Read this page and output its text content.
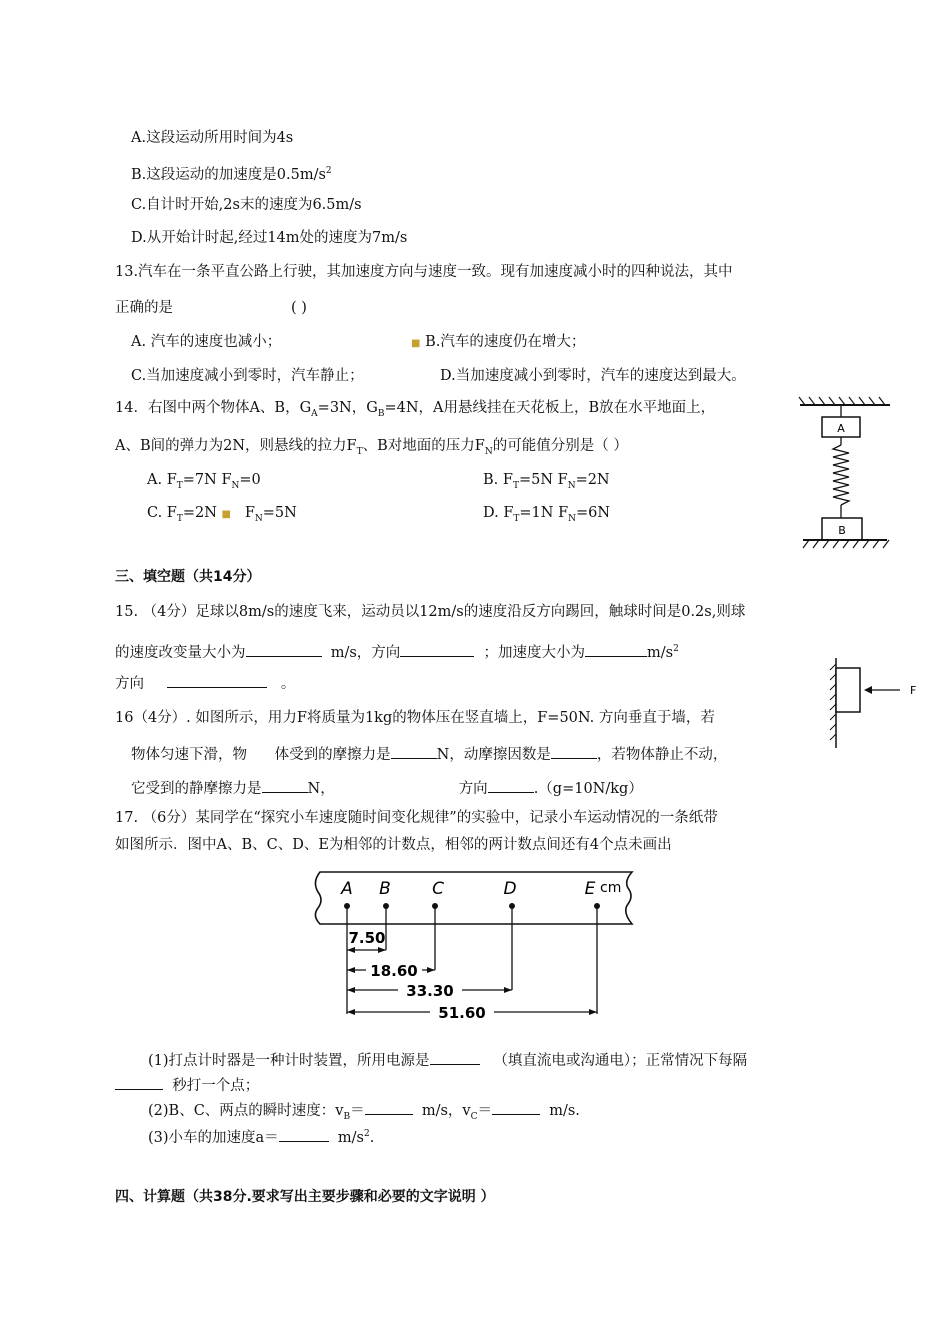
A.这段运动所用时间为4s
B.这段运动的加速度是$0.5m/s^2$
C.自计时开始,2s末的速度为6.5m/s
D.从开始计时起,经过14m处的速度为7m/s
13.汽车在一条平直公路上行驶，其加速度方向与速度一致。现有加速度减小时的四种说法，其中
正确的是	( )
A. 汽车的速度也减小；	■ B.汽车的速度仍在增大；
C.当加速度减小到零时，汽车静止；	D.当加速度减小到零时，汽车的速度达到最大。
14．右图中两个物体A、B，$G_A=3N$，$G_B=4N$，A用悬线挂在天花板上，B放在水平地面上，
A、B间的弹力为2N，则悬线的拉力$F_T$、B对地面的压力$F_N$的可能值分别是（ ）
A. $F_T=7N$ $F_N=0$	B. $F_T=5N$ $F_N=2N$
C. $F_T=2N$ ■ $F_N=5N$	D. $F_T=1N$ $F_N=6N$
A
B
三、填空题（共14分）
15. （4分）足球以8m/s的速度飞来，运动员以12m/s的速度沿反方向踢回，触球时间是0.2s,则球
的速度改变量大小为	m/s，方向	；加速度大小为	$m/s^2$
方向	。	F
16（4分）. 如图所示，用力F将质量为1kg的物体压在竖直墙上，F=50N. 方向垂直于墙，若
物体匀速下滑，物 体受到的摩擦力是	N，动摩擦因数是	，若物体静止不动，
它受到的静摩擦力是	N，	方向	.（g=10N/kg）
17. （6分）某同学在“探究小车速度随时间变化规律”的实验中，记录小车运动情况的一条纸带
如图所示．图中A、B、C、D、E为相邻的计数点，相邻的两计数点间还有4个点未画出
A B C	D	E cm
7.50
18.60
33.30
51.60
(1)打点计时器是一种计时装置，所用电源是	（填直流电或沟通电）；正常情况下每隔
秒打一个点；
(2)B、C、两点的瞬时速度：$v_B=$	m/s，$v_C=$	m/s.
(3)小车的加速度a＝	$m/s^2$.
四、计算题（共38分.要求写出主要步骤和必要的文字说明 ）
